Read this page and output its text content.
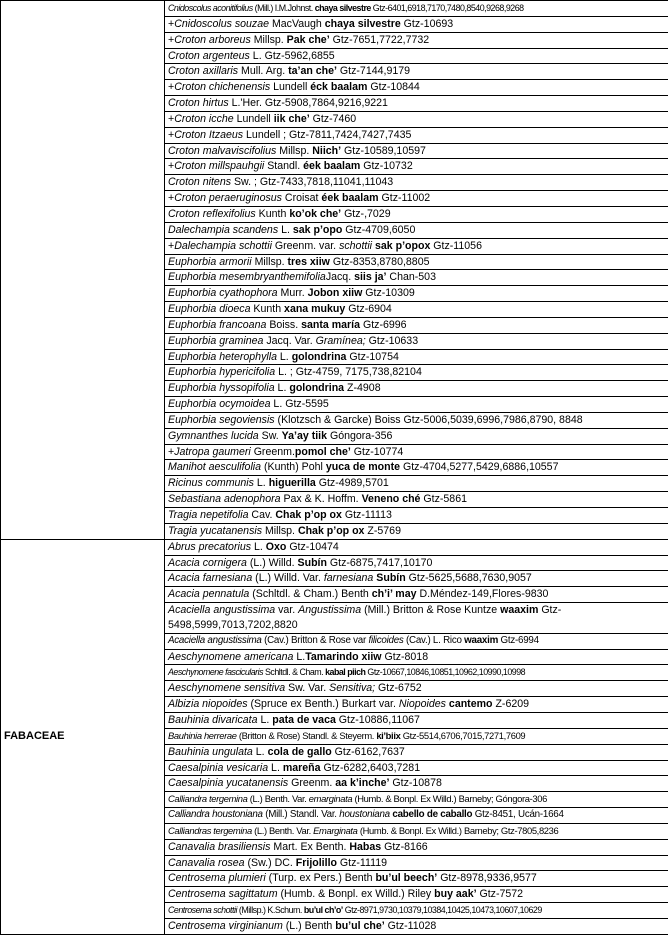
	Cnidoscolus aconitifolius (Mill.) I.M.Johnst. chaya silvestre Gtz-6401,6918,7170,7480,8540,9268,9268
	+Cnidoscolus souzae MacVaugh chaya silvestre Gtz-10693
	+Croton arboreus Millsp. Pak che’ Gtz-7651,7722,7732
	Croton argenteus L. Gtz-5962,6855
	Croton axillaris Mull. Arg. ta’an che’ Gtz-7144,9179
	+Croton chichenensis Lundell éck baalam Gtz-10844
	Croton hirtus L.'Her. Gtz-5908,7864,9216,9221
	+Croton icche Lundell iik che’ Gtz-7460
	+Croton Itzaeus Lundell ; Gtz-7811,7424,7427,7435
	Croton malvaviscifolius Millsp. Niich’ Gtz-10589,10597
	+Croton millspauhgii Standl. éek baalam Gtz-10732
	Croton nitens Sw. ; Gtz-7433,7818,11041,11043
	+Croton peraeruginosus Croisat éek baalam Gtz-11002
	Croton reflexifolius Kunth ko’ok che’ Gtz-,7029
	Dalechampia scandens L. sak p’opo Gtz-4709,6050
	+Dalechampia schottii Greenm. var. schottii sak p’opox Gtz-11056
	Euphorbia armorii Millsp. tres xiiw Gtz-8353,8780,8805
	Euphorbia mesembryanthemifoliaJacq. siis ja’ Chan-503
	Euphorbia cyathophora Murr. Jobon xiiw Gtz-10309
	Euphorbia dioeca Kunth xana mukuy Gtz-6904
	Euphorbia francoana Boiss. santa maría Gtz-6996
	Euphorbia graminea Jacq. Var. Gramínea; Gtz-10633
	Euphorbia heterophylla L. golondrina Gtz-10754
	Euphorbia hypericifolia L. ; Gtz-4759, 7175,738,82104
	Euphorbia hyssopifolia L. golondrina Z-4908
	Euphorbia ocymoidea L. Gtz-5595
	Euphorbia segoviensis (Klotzsch & Garcke) Boiss Gtz-5006,5039,6996,7986,8790, 8848
	Gymnanthes lucida Sw. Ya’ay tiik Góngora-356
	+Jatropa gaumeri Greenm.pomol che’ Gtz-10774
	Manihot aesculifolia (Kunth) Pohl yuca de monte Gtz-4704,5277,5429,6886,10557
	Ricinus communis L. higuerilla Gtz-4989,5701
	Sebastiana adenophora Pax & K. Hoffm. Veneno ché Gtz-5861
	Tragia nepetifolia Cav. Chak p’op ox Gtz-11113
	Tragia yucatanensis Millsp. Chak p’op ox Z-5769
FABACEAE	Abrus precatorius L. Oxo Gtz-10474
	Acacia cornigera (L.) Willd. Subín Gtz-6875,7417,10170
	Acacia farnesiana (L.) Willd. Var. farnesiana Subín Gtz-5625,5688,7630,9057
	Acacia pennatula (Schltdl. & Cham.) Benth ch’i’ may D.Méndez-149,Flores-9830
	Acaciella angustissima var. Angustissima (Mill.) Britton & Rose Kuntze waaxim Gtz-5498,5999,7013,7202,8820
	Acaciella angustissima (Cav.) Britton & Rose var filicoides (Cav.) L. Rico waaxim Gtz-6994
	Aeschynomene americana L.Tamarindo xiiw Gtz-8018
	Aeschynomene fascicularis Schltdl. & Cham. kabal piich Gtz-10667,10846,10851,10962,10990,10998
	Aeschynomene sensitiva Sw. Var. Sensitiva; Gtz-6752
	Albizia niopoides (Spruce ex Benth.) Burkart var. Niopoides cantemo Z-6209
	Bauhinia divaricata L. pata de vaca Gtz-10886,11067
	Bauhinia herrerae (Britton & Rose) Standl. & Steyerm. ki’biix Gtz-5514,6706,7015,7271,7609
	Bauhinia ungulata L. cola de gallo Gtz-6162,7637
	Caesalpinia vesicaria L. mareña Gtz-6282,6403,7281
	Caesalpinia yucatanensis Greenm. aa k’inche’ Gtz-10878
	Calliandra tergemina (L.) Benth. Var. emarginata (Humb. & Bonpl. Ex Willd.) Barneby; Góngora-306
	Calliandra houstoniana (Mill.) Standl. Var. houstoniana cabello de caballo Gtz-8451, Ucán-1664
	Calliandras tergemina (L.) Benth. Var. Emarginata (Humb. & Bonpl. Ex Willd.) Barneby; Gtz-7805,8236
	Canavalia brasiliensis Mart. Ex Benth. Habas Gtz-8166
	Canavalia rosea (Sw.) DC. Frijolillo Gtz-11119
	Centrosema plumieri (Turp. ex Pers.) Benth bu’ul beech’ Gtz-8978,9336,9577
	Centrosema sagittatum (Humb. & Bonpl. ex Willd.) Riley buy aak’ Gtz-7572
	Centrosema schottii (Millsp.) K.Schum. bu’ul ch’o’ Gtz-8971,9730,10379,10384,10425,10473,10607,10629
	Centrosema virginianum (L.) Benth bu’ul che’ Gtz-11028
